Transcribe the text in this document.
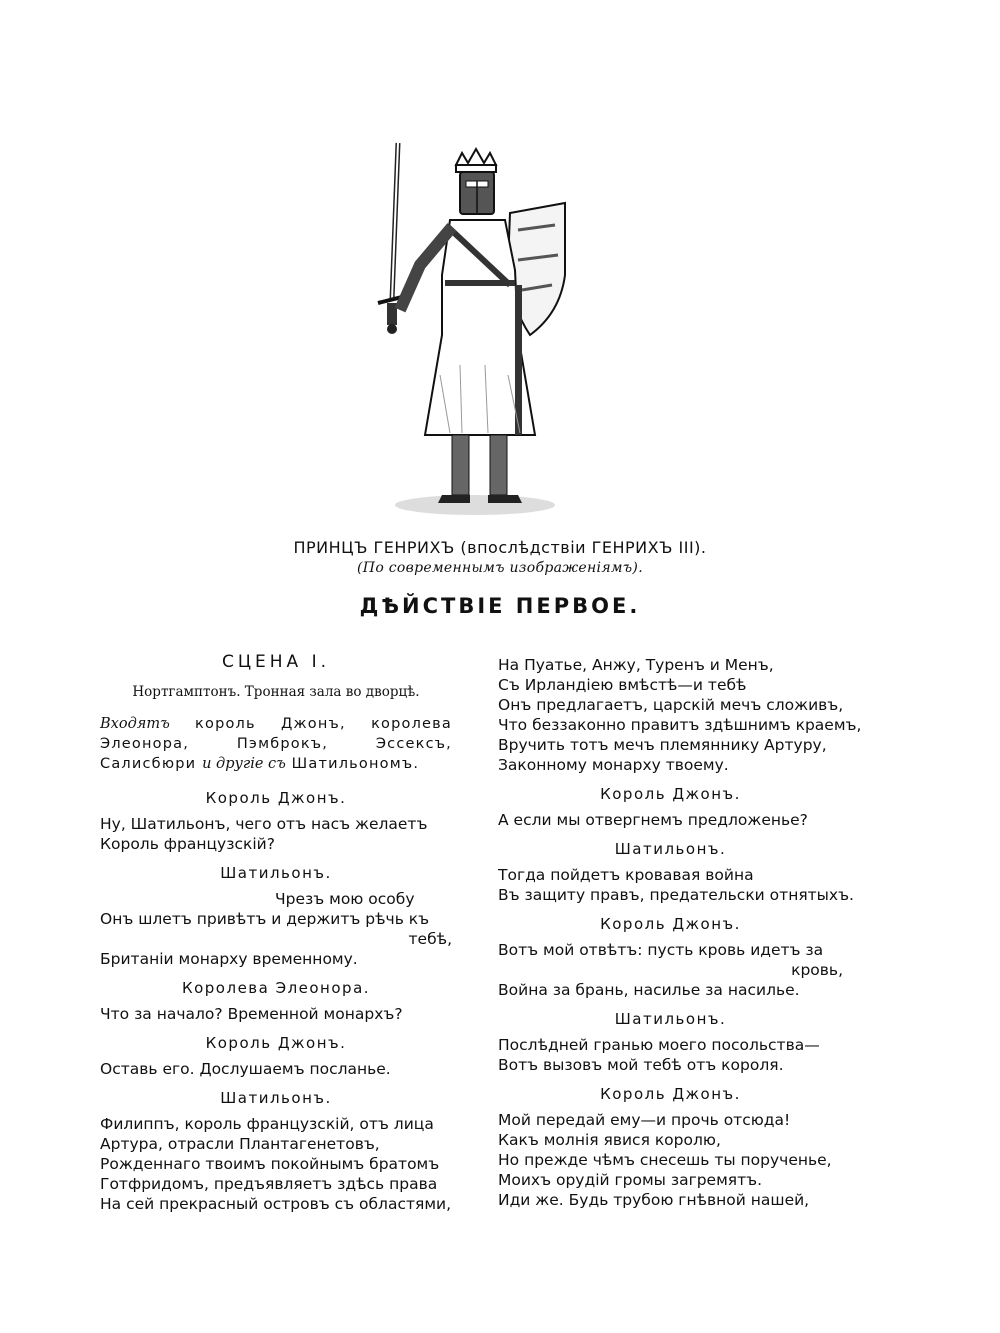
ПРИНЦЪ ГЕНРИХЪ (впослѣдствіи ГЕНРИХЪ III).
(По современнымъ изображеніямъ).
ДѢЙСТВІЕ ПЕРВОЕ.
СЦЕНА I.
Нортгамптонъ. Тронная зала во дворцѣ.
Входятъ король Джонъ, королева Элеонора, Пэмброкъ, Эссексъ, Салисбюри и другіе съ Шатильономъ.
Король Джонъ.
Ну, Шатильонъ, чего отъ насъ желаетъ
Король французскій?
Шатильонъ.
Чрезъ мою особу
Онъ шлетъ привѣтъ и держитъ рѣчь къ
тебѣ,
Британіи монарху временному.
Королева Элеонора.
Что за начало? Временной монархъ?
Король Джонъ.
Оставь его. Дослушаемъ посланье.
Шатильонъ.
Филиппъ, король французскій, отъ лица
Артура, отрасли Плантагенетовъ,
Рожденнаго твоимъ покойнымъ братомъ
Готфридомъ, предъявляетъ здѣсь права
На сей прекрасный островъ съ областями,
На Пуатье, Анжу, Туренъ и Менъ,
Съ Ирландіею вмѣстѣ—и тебѣ
Онъ предлагаетъ, царскій мечъ сложивъ,
Что беззаконно правитъ здѣшнимъ краемъ,
Вручить тотъ мечъ племяннику Артуру,
Законному монарху твоему.
Король Джонъ.
А если мы отвергнемъ предложенье?
Шатильонъ.
Тогда пойдетъ кровавая война
Въ защиту правъ, предательски отнятыхъ.
Король Джонъ.
Вотъ мой отвѣтъ: пусть кровь идетъ за
кровь,
Война за брань, насилье за насилье.
Шатильонъ.
Послѣдней гранью моего посольства—
Вотъ вызовъ мой тебѣ отъ короля.
Король Джонъ.
Мой передай ему—и прочь отсюда!
Какъ молнія явися королю,
Но прежде чѣмъ снесешь ты порученье,
Моихъ орудій громы загремятъ.
Иди же. Будь трубою гнѣвной нашей,
